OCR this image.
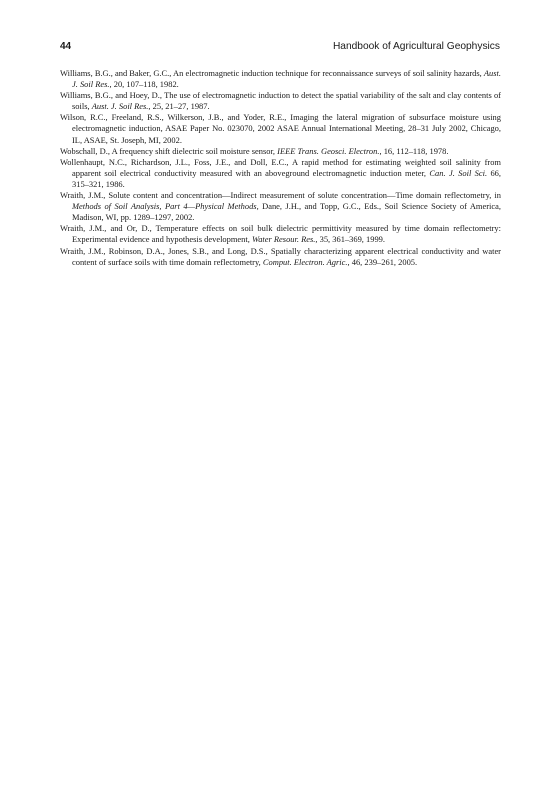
44	Handbook of Agricultural Geophysics
Williams, B.G., and Baker, G.C., An electromagnetic induction technique for reconnaissance surveys of soil salinity hazards, Aust. J. Soil Res., 20, 107–118, 1982.
Williams, B.G., and Hoey, D., The use of electromagnetic induction to detect the spatial variability of the salt and clay contents of soils, Aust. J. Soil Res., 25, 21–27, 1987.
Wilson, R.C., Freeland, R.S., Wilkerson, J.B., and Yoder, R.E., Imaging the lateral migration of subsurface moisture using electromagnetic induction, ASAE Paper No. 023070, 2002 ASAE Annual International Meeting, 28–31 July 2002, Chicago, IL, ASAE, St. Joseph, MI, 2002.
Wobschall, D., A frequency shift dielectric soil moisture sensor, IEEE Trans. Geosci. Electron., 16, 112–118, 1978.
Wollenhaupt, N.C., Richardson, J.L., Foss, J.E., and Doll, E.C., A rapid method for estimating weighted soil salinity from apparent soil electrical conductivity measured with an aboveground electromagnetic induction meter, Can. J. Soil Sci. 66, 315–321, 1986.
Wraith, J.M., Solute content and concentration—Indirect measurement of solute concentration—Time domain reflectometry, in Methods of Soil Analysis, Part 4—Physical Methods, Dane, J.H., and Topp, G.C., Eds., Soil Science Society of America, Madison, WI, pp. 1289–1297, 2002.
Wraith, J.M., and Or, D., Temperature effects on soil bulk dielectric permittivity measured by time domain reflectometry: Experimental evidence and hypothesis development, Water Resour. Res., 35, 361–369, 1999.
Wraith, J.M., Robinson, D.A., Jones, S.B., and Long, D.S., Spatially characterizing apparent electrical conductivity and water content of surface soils with time domain reflectometry, Comput. Electron. Agric., 46, 239–261, 2005.
